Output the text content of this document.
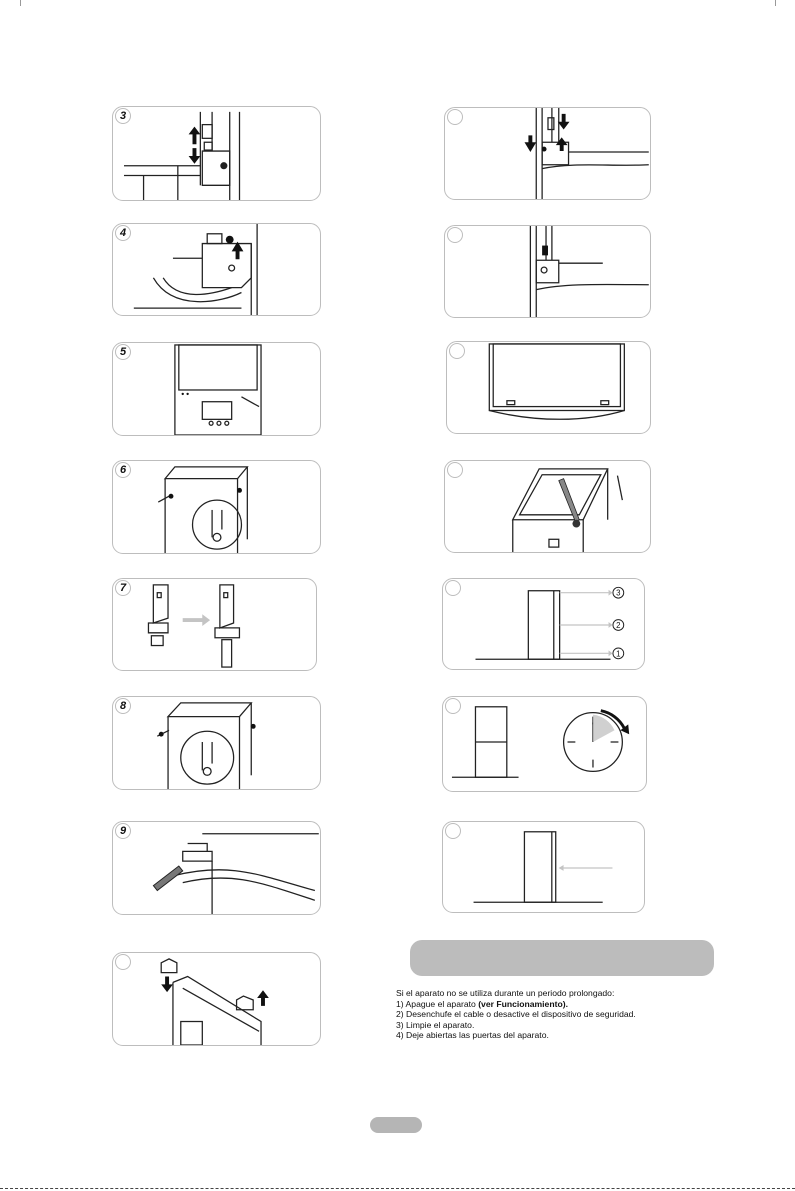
3
4
5
6
7
8
9
3
2
1
Si el aparato no se utiliza durante un periodo prolongado:
1) Apague el aparato (ver Funcionamiento).
2) Desenchufe el cable o desactive el dispositivo de seguridad.
3) Limpie el aparato.
4) Deje abiertas las puertas del aparato.
